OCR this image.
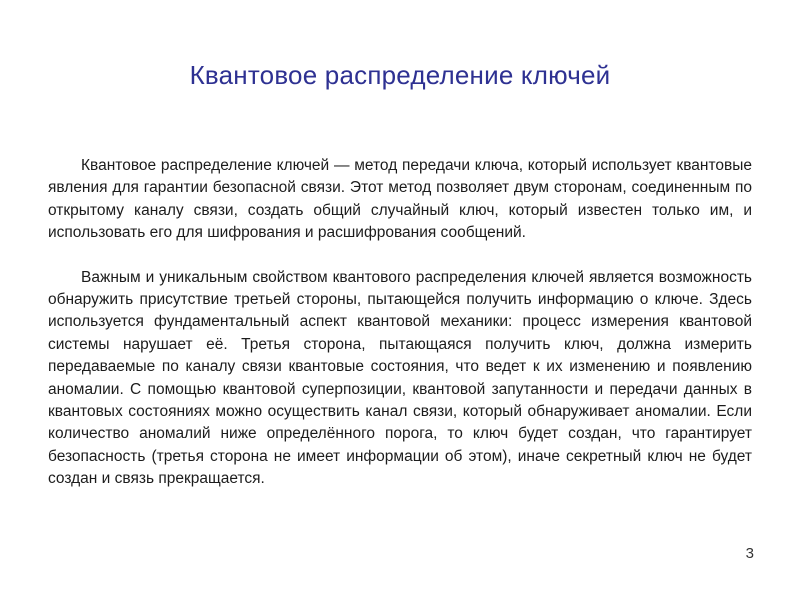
Квантовое распределение ключей

Квантовое распределение ключей — метод передачи ключа, который использует квантовые явления для гарантии безопасной связи. Этот метод позволяет двум сторонам, соединенным по открытому каналу связи, создать общий случайный ключ, который известен только им, и использовать его для шифрования и расшифрования сообщений.

Важным и уникальным свойством квантового распределения ключей является возможность обнаружить присутствие третьей стороны, пытающейся получить информацию о ключе. Здесь используется фундаментальный аспект квантовой механики: процесс измерения квантовой системы нарушает её. Третья сторона, пытающаяся получить ключ, должна измерить передаваемые по каналу связи квантовые состояния, что ведет к их изменению и появлению аномалии. С помощью квантовой суперпозиции, квантовой запутанности и передачи данных в квантовых состояниях можно осуществить канал связи, который обнаруживает аномалии. Если количество аномалий ниже определённого порога, то ключ будет создан, что гарантирует безопасность (третья сторона не имеет информации об этом), иначе секретный ключ не будет создан и связь прекращается.

3
